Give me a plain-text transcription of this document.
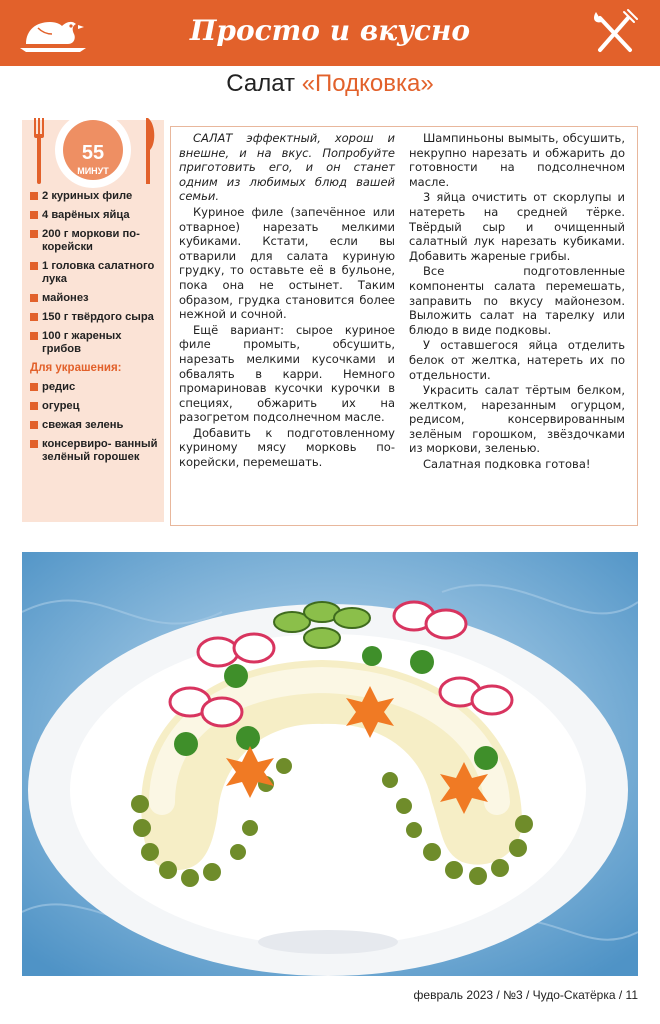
Просто и вкусно
Салат «Подковка»
55
МИНУТ
2 куриных филе
4 варёных яйца
200 г моркови по-корейски
1 головка салатного лука
майонез
150 г твёрдого сыра
100 г жареных грибов
Для украшения:
редис
огурец
свежая зелень
консервиро- ванный зелёный горошек

САЛАТ эффектный, хорош и внешне, и на вкус. Попробуйте приготовить его, и он станет одним из любимых блюд вашей семьи.

Куриное филе (запечённое или отварное) нарезать мелкими кубиками. Кстати, если вы отварили для салата куриную грудку, то оставьте её в бульоне, пока она не остынет. Таким образом, грудка становится более нежной и сочной.

Ещё вариант: сырое куриное филе промыть, обсушить, нарезать мелкими кусочками и обвалять в карри. Немного промариновав кусочки курочки в специях, обжарить их на разогретом подсолнечном масле.

Добавить к подготовленному куриному мясу морковь по-корейски, перемешать.

Шампиньоны вымыть, обсушить, некрупно нарезать и обжарить до готовности на подсолнечном масле.

3 яйца очистить от скорлупы и натереть на средней тёрке. Твёрдый сыр и очищенный салатный лук нарезать кубиками. Добавить жареные грибы.

Все подготовленные компоненты салата перемешать, заправить по вкусу майонезом. Выложить салат на тарелку или блюдо в виде подковы.

У оставшегося яйца отделить белок от желтка, натереть их по отдельности.

Украсить салат тёртым белком, желтком, нарезанным огурцом, редисом, консервированным зелёным горошком, звёздочками из моркови, зеленью.

Салатная подковка готова!

февраль 2023 / №3 / Чудо-Скатёрка / 11
